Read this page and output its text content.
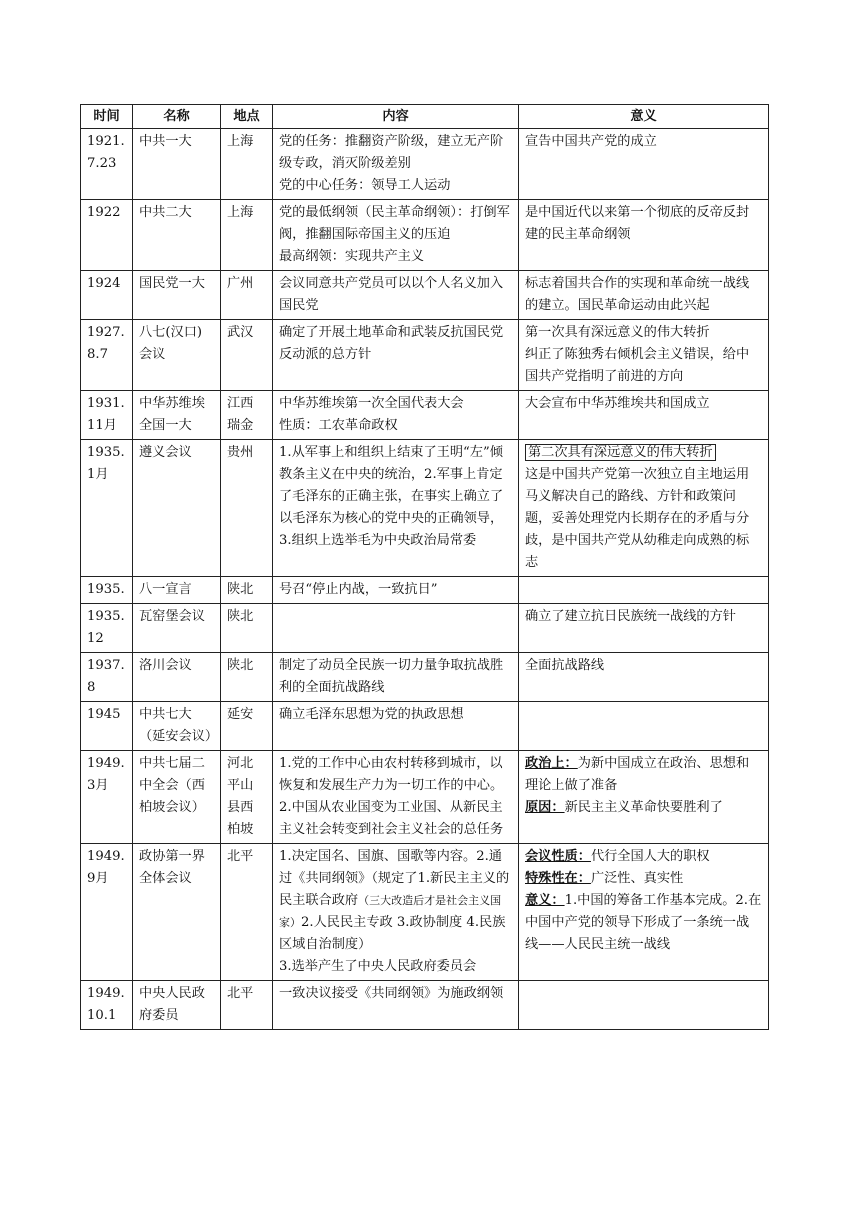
时间	名称	地点	内容	意义
1921.7.23	中共一大	上海	党的任务：推翻资产阶级，建立无产阶级专政，消灭阶级差别
党的中心任务：领导工人运动	宣告中国共产党的成立

1922	中共二大	上海	党的最低纲领（民主革命纲领）：打倒军阀，推翻国际帝国主义的压迫
最高纲领：实现共产主义	是中国近代以来第一个彻底的反帝反封建的民主革命纲领

1924	国民党一大	广州	会议同意共产党员可以以个人名义加入国民党	标志着国共合作的实现和革命统一战线的建立。国民革命运动由此兴起

1927.8.7	八七(汉口)会议	武汉	确定了开展土地革命和武装反抗国民党反动派的总方针	第一次具有深远意义的伟大转折
纠正了陈独秀右倾机会主义错误，给中国共产党指明了前进的方向

1931.11月	中华苏维埃全国一大	江西瑞金	中华苏维埃第一次全国代表大会
性质：工农革命政权	大会宣布中华苏维埃共和国成立

1935.1月	遵义会议	贵州	1.从军事上和组织上结束了王明“左”倾教条主义在中央的统治，2.军事上肯定了毛泽东的正确主张，在事实上确立了以毛泽东为核心的党中央的正确领导，3.组织上选举毛为中央政治局常委	第二次具有深远意义的伟大转折
这是中国共产党第一次独立自主地运用马义解决自己的路线、方针和政策问题，妥善处理党内长期存在的矛盾与分歧，是中国共产党从幼稚走向成熟的标志

1935.	八一宣言	陕北	号召“停止内战，一致抗日”	

1935.12	瓦窑堡会议	陕北		确立了建立抗日民族统一战线的方针

1937.8	洛川会议	陕北	制定了动员全民族一切力量争取抗战胜利的全面抗战路线	全面抗战路线

1945	中共七大（延安会议）	延安	确立毛泽东思想为党的执政思想	

1949.3月	中共七届二中全会（西柏坡会议）	河北平山县西柏坡	1.党的工作中心由农村转移到城市，以恢复和发展生产力为一切工作的中心。2.中国从农业国变为工业国、从新民主主义社会转变到社会主义社会的总任务	政治上：为新中国成立在政治、思想和理论上做了准备
原因：新民主主义革命快要胜利了

1949.9月	政协第一界全体会议	北平	1.决定国名、国旗、国歌等内容。2.通过《共同纲领》（规定了1.新民主主义的民主联合政府（三大改造后才是社会主义国家）2.人民民主专政 3.政协制度 4.民族区域自治制度）
3.选举产生了中央人民政府委员会	会议性质：代行全国人大的职权
特殊性在：广泛性、真实性
意义：1.中国的筹备工作基本完成。2.在中国中产党的领导下形成了一条统一战线——人民民主统一战线

1949.10.1	中央人民政府委员	北平	一致决议接受《共同纲领》为施政纲领	
